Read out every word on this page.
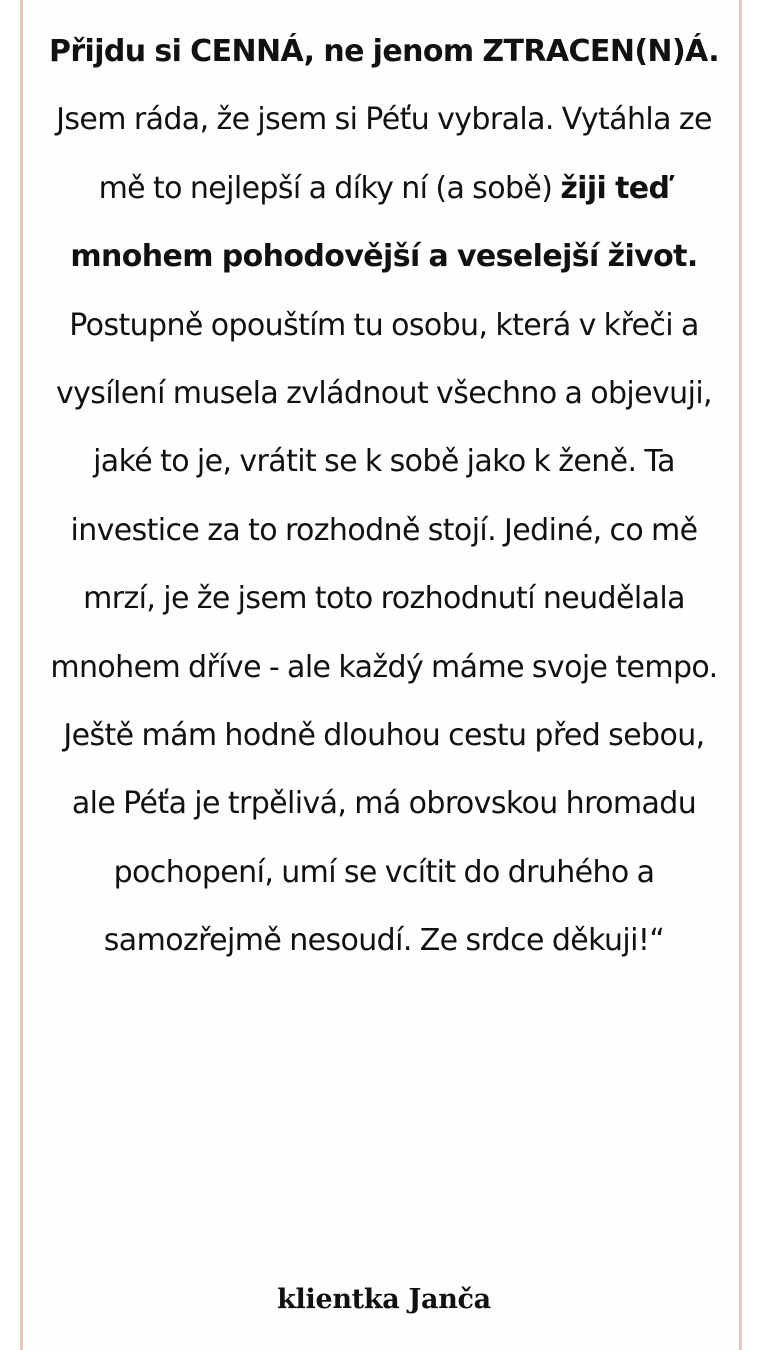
Přijdu si CENNÁ, ne jenom ZTRACEN(N)Á. Jsem ráda, že jsem si Péťu vybrala. Vytáhla ze mě to nejlepší a díky ní (a sobě) žiji teď mnohem pohodovější a veselejší život. Postupně opouštím tu osobu, která v křeči a vysílení musela zvládnout všechno a objevuji, jaké to je, vrátit se k sobě jako k ženě. Ta investice za to rozhodně stojí. Jediné, co mě mrzí, je že jsem toto rozhodnutí neudělala mnohem dříve - ale každý máme svoje tempo. Ještě mám hodně dlouhou cestu před sebou, ale Péťa je trpělivá, má obrovskou hromadu pochopení, umí se vcítit do druhého a samozřejmě nesoudí. Ze srdce děkuji!“

klientka Janča
